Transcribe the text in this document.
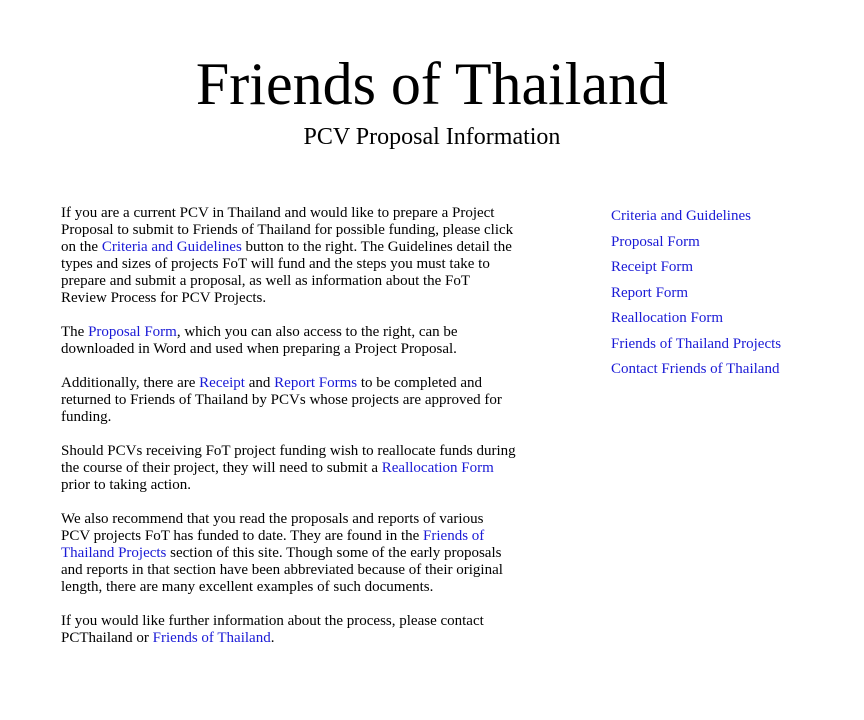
Friends of Thailand
PCV Proposal Information

If you are a current PCV in Thailand and would like to prepare a Project Proposal to submit to Friends of Thailand for possible funding, please click on the Criteria and Guidelines button to the right. The Guidelines detail the types and sizes of projects FoT will fund and the steps you must take to prepare and submit a proposal, as well as information about the FoT Review Process for PCV Projects.

The Proposal Form, which you can also access to the right, can be downloaded in Word and used when preparing a Project Proposal.

Additionally, there are Receipt and Report Forms to be completed and returned to Friends of Thailand by PCVs whose projects are approved for funding.

Should PCVs receiving FoT project funding wish to reallocate funds during the course of their project, they will need to submit a Reallocation Form prior to taking action.

We also recommend that you read the proposals and reports of various PCV projects FoT has funded to date. They are found in the Friends of Thailand Projects section of this site. Though some of the early proposals and reports in that section have been abbreviated because of their original length, there are many excellent examples of such documents.

If you would like further information about the process, please contact PCThailand or Friends of Thailand.

Criteria and Guidelines
Proposal Form
Receipt Form
Report Form
Reallocation Form
Friends of Thailand Projects
Contact Friends of Thailand
